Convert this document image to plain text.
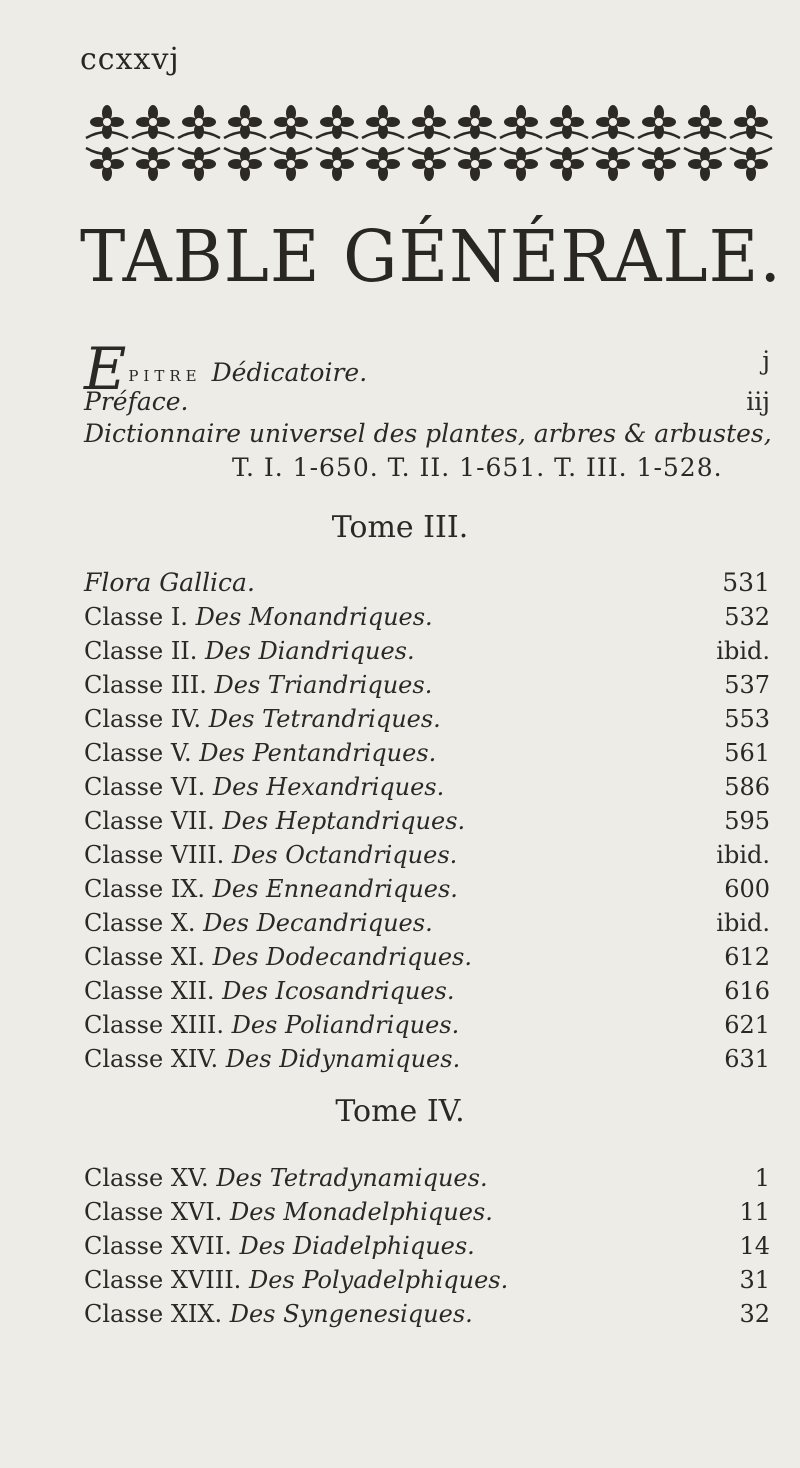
ccxxvj
TABLE GÉNÉRALE.
EPITRE Dédicatoire.	j
Préface.	iij
Dictionnaire universel des plantes, arbres & arbustes,
T. I. 1-650. T. II. 1-651. T. III. 1-528.
Tome III.
Flora Gallica.	531
Classe I. Des Monandriques.	532
Classe II. Des Diandriques.	ibid.
Classe III. Des Triandriques.	537
Classe IV. Des Tetrandriques.	553
Classe V. Des Pentandriques.	561
Classe VI. Des Hexandriques.	586
Classe VII. Des Heptandriques.	595
Classe VIII. Des Octandriques.	ibid.
Classe IX. Des Enneandriques.	600
Classe X. Des Decandriques.	ibid.
Classe XI. Des Dodecandriques.	612
Classe XII. Des Icosandriques.	616
Classe XIII. Des Poliandriques.	621
Classe XIV. Des Didynamiques.	631
Tome IV.
Classe XV. Des Tetradynamiques.	1
Classe XVI. Des Monadelphiques.	11
Classe XVII. Des Diadelphiques.	14
Classe XVIII. Des Polyadelphiques.	31
Classe XIX. Des Syngenesiques.	32
